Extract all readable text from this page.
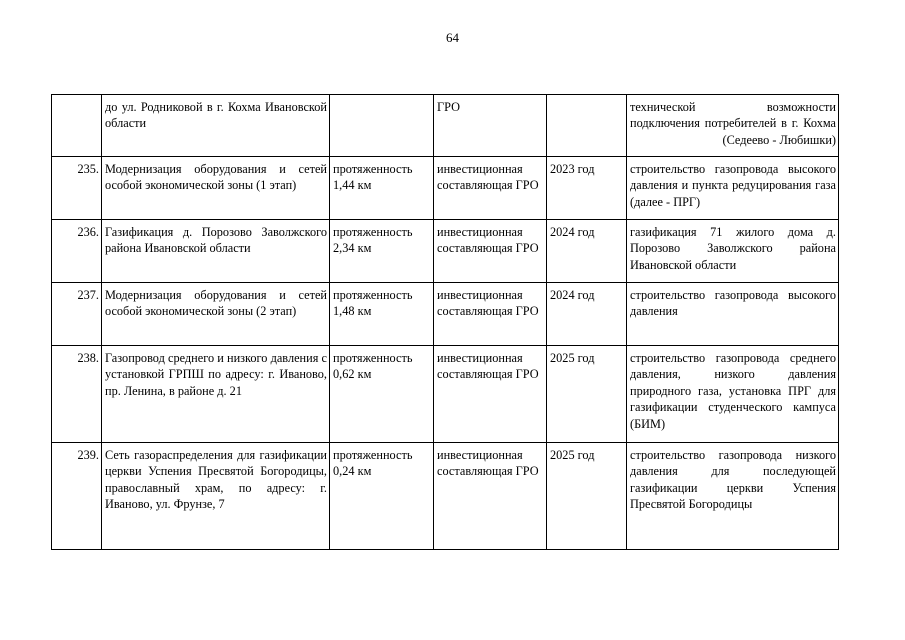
64
	до ул. Родниковой в г. Кохма Ивановской области		ГРО		технической возможности подключения потребителей в г. Кохма (Седеево - Любишки)
235.	Модернизация оборудования и сетей особой экономической зоны (1 этап)	протяженность 1,44 км	инвестиционная составляющая ГРО	2023 год	строительство газопровода высокого давления и пункта редуцирования газа (далее - ПРГ)
236.	Газификация д. Порозово Заволжского района Ивановской области	протяженность 2,34 км	инвестиционная составляющая ГРО	2024 год	газификация 71 жилого дома д. Порозово Заволжского района Ивановской области
237.	Модернизация оборудования и сетей особой экономической зоны (2 этап)	протяженность 1,48 км	инвестиционная составляющая ГРО	2024 год	строительство газопровода высокого давления
238.	Газопровод среднего и низкого давления с установкой ГРПШ по адресу: г. Иваново, пр. Ленина, в районе д. 21	протяженность 0,62 км	инвестиционная составляющая ГРО	2025 год	строительство газопровода среднего давления, низкого давления природного газа, установка ПРГ для газификации студенческого кампуса (БИМ)
239.	Сеть газораспределения для газификации церкви Успения Пресвятой Богородицы, православный храм, по адресу: г. Иваново, ул. Фрунзе, 7	протяженность 0,24 км	инвестиционная составляющая ГРО	2025 год	строительство газопровода низкого давления для последующей газификации церкви Успения Пресвятой Богородицы
